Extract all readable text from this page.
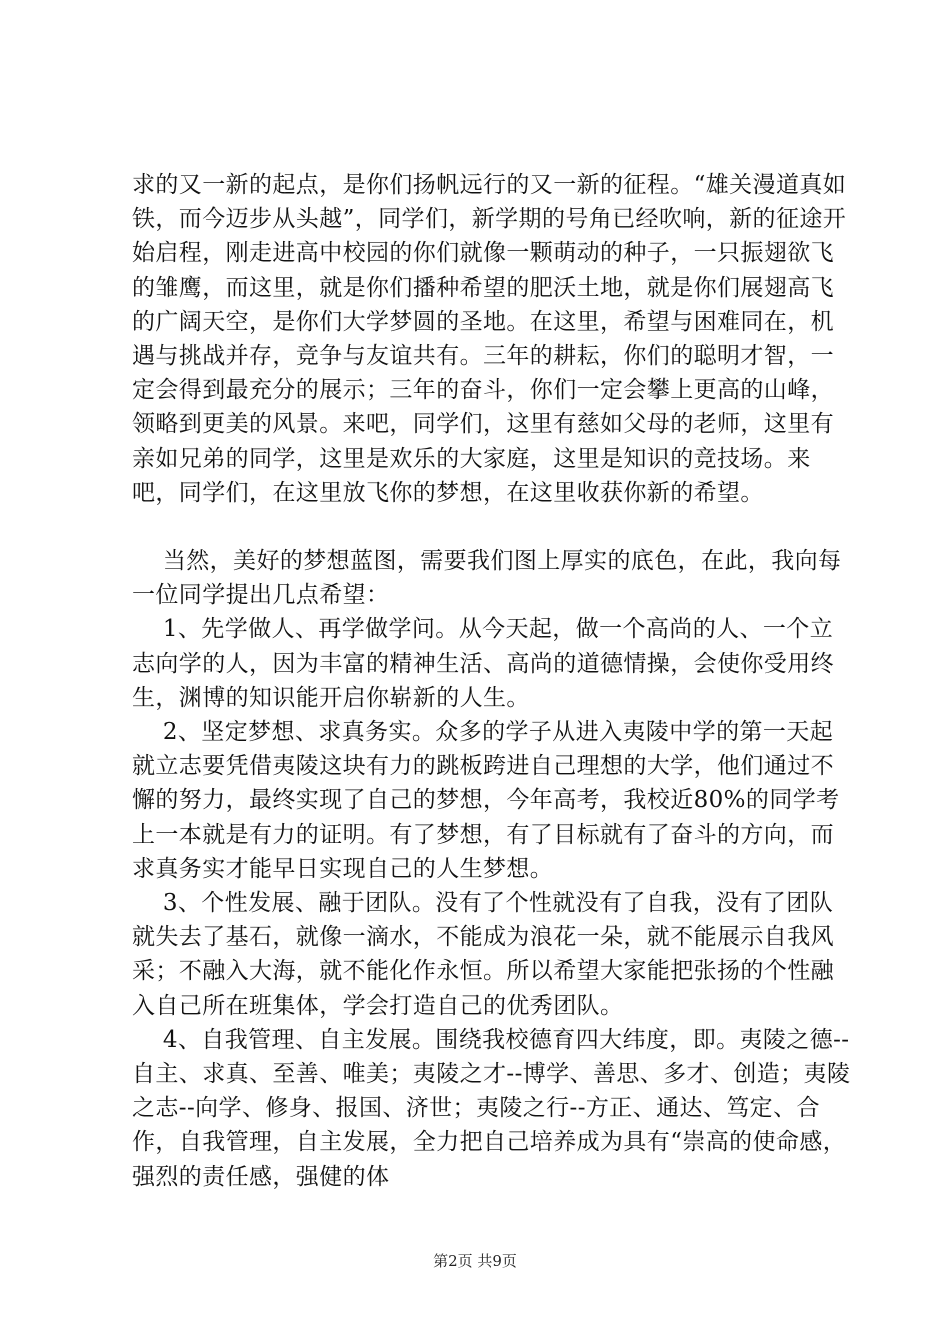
求的又一新的起点，是你们扬帆远行的又一新的征程。“雄关漫道真如铁，而今迈步从头越”，同学们，新学期的号角已经吹响，新的征途开始启程，刚走进高中校园的你们就像一颗萌动的种子，一只振翅欲飞的雏鹰，而这里，就是你们播种希望的肥沃土地，就是你们展翅高飞的广阔天空，是你们大学梦圆的圣地。在这里，希望与困难同在，机遇与挑战并存，竞争与友谊共有。三年的耕耘，你们的聪明才智，一定会得到最充分的展示；三年的奋斗，你们一定会攀上更高的山峰，领略到更美的风景。来吧，同学们，这里有慈如父母的老师，这里有亲如兄弟的同学，这里是欢乐的大家庭，这里是知识的竞技场。来吧，同学们，在这里放飞你的梦想，在这里收获你新的希望。

当然，美好的梦想蓝图，需要我们图上厚实的底色，在此，我向每一位同学提出几点希望：

1、先学做人、再学做学问。从今天起，做一个高尚的人、一个立志向学的人，因为丰富的精神生活、高尚的道德情操，会使你受用终生，渊博的知识能开启你崭新的人生。

2、坚定梦想、求真务实。众多的学子从进入夷陵中学的第一天起就立志要凭借夷陵这块有力的跳板跨进自己理想的大学，他们通过不懈的努力，最终实现了自己的梦想，今年高考，我校近80%的同学考上一本就是有力的证明。有了梦想，有了目标就有了奋斗的方向，而求真务实才能早日实现自己的人生梦想。

3、个性发展、融于团队。没有了个性就没有了自我，没有了团队就失去了基石，就像一滴水，不能成为浪花一朵，就不能展示自我风采；不融入大海，就不能化作永恒。所以希望大家能把张扬的个性融入自己所在班集体，学会打造自己的优秀团队。

4、自我管理、自主发展。围绕我校德育四大纬度，即。夷陵之德--自主、求真、至善、唯美；夷陵之才--博学、善思、多才、创造；夷陵之志--向学、修身、报国、济世；夷陵之行--方正、通达、笃定、合作，自我管理，自主发展，全力把自己培养成为具有“崇高的使命感，强烈的责任感，强健的体

第2页 共9页
